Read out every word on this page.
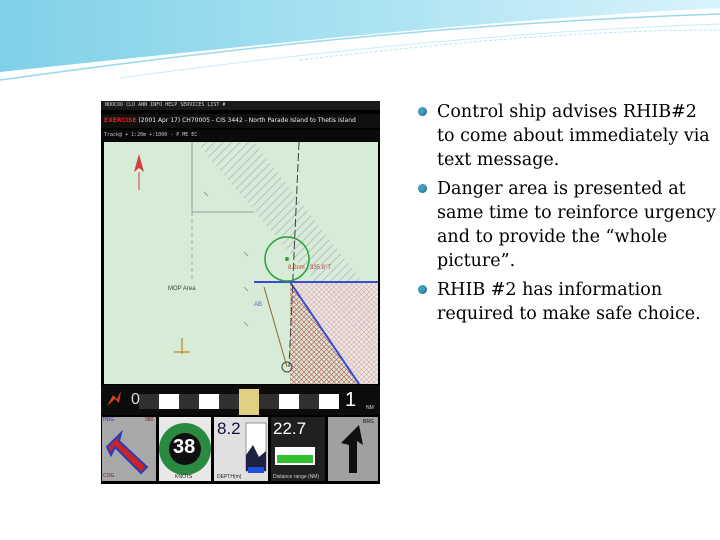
NOOCOO CLO ANN INFO HELP SERVICES LIST #
EXERCISE (2001 Apr 17) CH70005 - CIS 3442 - North Parade Island to Thetis Island
Track@ + 1:20m +:1000 - P ME EC
8.2nm · 335.8°T
MOP Area
AB
0	1 NM
HDG	080
COG
38
KNOTS
8.2
DEPTH(m)
22.7
Distance range (NM)
BRG

Control ship advises RHIB#2 to come about immediately via text message.

Danger area is presented at same time to reinforce urgency and to provide the “whole picture”.

RHIB #2 has information required to make safe choice.
